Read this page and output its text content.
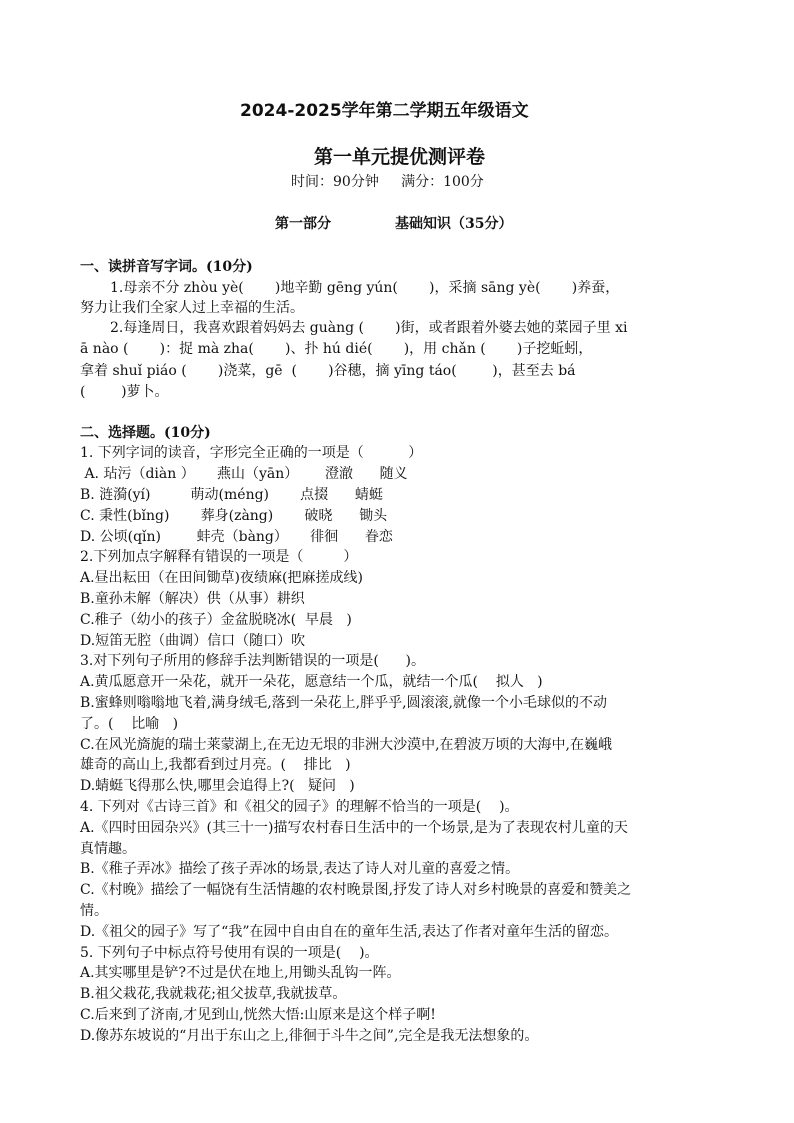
2024-2025学年第二学期五年级语文
第一单元提优测评卷
时间：90分钟     满分：100分
第一部分	基础知识（35分）
一、读拼音写字词。(10分)
1.母亲不分 zhòu yè(       )地辛勤 gēng yún(       )，采摘 sāng yè(       )养蚕，
努力让我们全家人过上幸福的生活。
2.每逢周日，我喜欢跟着妈妈去 guàng (       )街，或者跟着外婆去她的菜园子里 xi
ā nào (       )：捉 mà zha(       )、扑 hú dié(       )，用 chǎn (       )子挖蚯蚓，
拿着 shuǐ piáo (       )浇菜，gē  (       )谷穗，摘 yīng táo(        )，甚至去 bá
(        )萝卜。
二、选择题。(10分)
1. 下列字词的读音，字形完全正确的一项是（          ）
A. 玷污（diàn ）     燕山（yān）      澄澈      随义
B. 涟漪(yí)         萌动(méng)       点掇      蜻蜓
C. 秉性(bǐng)       葬身(zàng)       破晓      锄头
D. 公顷(qǐn)        蚌壳（bàng）     徘徊      眷恋
2.下列加点字解释有错误的一项是（         ）
A.昼出耘田（在田间锄草)夜绩麻(把麻搓成线)
B.童孙未解（解决）供（从事）耕织
C.稚子（幼小的孩子）金盆脱晓冰(  早晨   )
D.短笛无腔（曲调）信口（随口）吹
3.对下列句子所用的修辞手法判断错误的一项是(      )。
A.黄瓜愿意开一朵花，就开一朵花，愿意结一个瓜，就结一个瓜(    拟人   )
B.蜜蜂则嗡嗡地飞着,满身绒毛,落到一朵花上,胖乎乎,圆滚滚,就像一个小毛球似的不动
了。(    比喻   )
C.在风光旖旎的瑞士莱蒙湖上,在无边无垠的非洲大沙漠中,在碧波万顷的大海中,在巍峨
雄奇的高山上,我都看到过月亮。(    排比   )
D.蜻蜓飞得那么快,哪里会追得上?(   疑问   )
4. 下列对《古诗三首》和《祖父的园子》的理解不恰当的一项是(    )。
A.《四时田园杂兴》(其三十一)描写农村春日生活中的一个场景,是为了表现农村儿童的天
真情趣。
B.《稚子弄冰》描绘了孩子弄冰的场景,表达了诗人对儿童的喜爱之情。
C.《村晚》描绘了一幅饶有生活情趣的农村晚景图,抒发了诗人对乡村晚景的喜爱和赞美之
情。
D.《祖父的园子》写了“我”在园中自由自在的童年生活,表达了作者对童年生活的留恋。
5. 下列句子中标点符号使用有误的一项是(    )。
A.其实哪里是铲?不过是伏在地上,用锄头乱钩一阵。
B.祖父栽花,我就栽花;祖父拔草,我就拔草。
C.后来到了济南,才见到山,恍然大悟:山原来是这个样子啊!
D.像苏东坡说的“月出于东山之上,徘徊于斗牛之间”,完全是我无法想象的。
